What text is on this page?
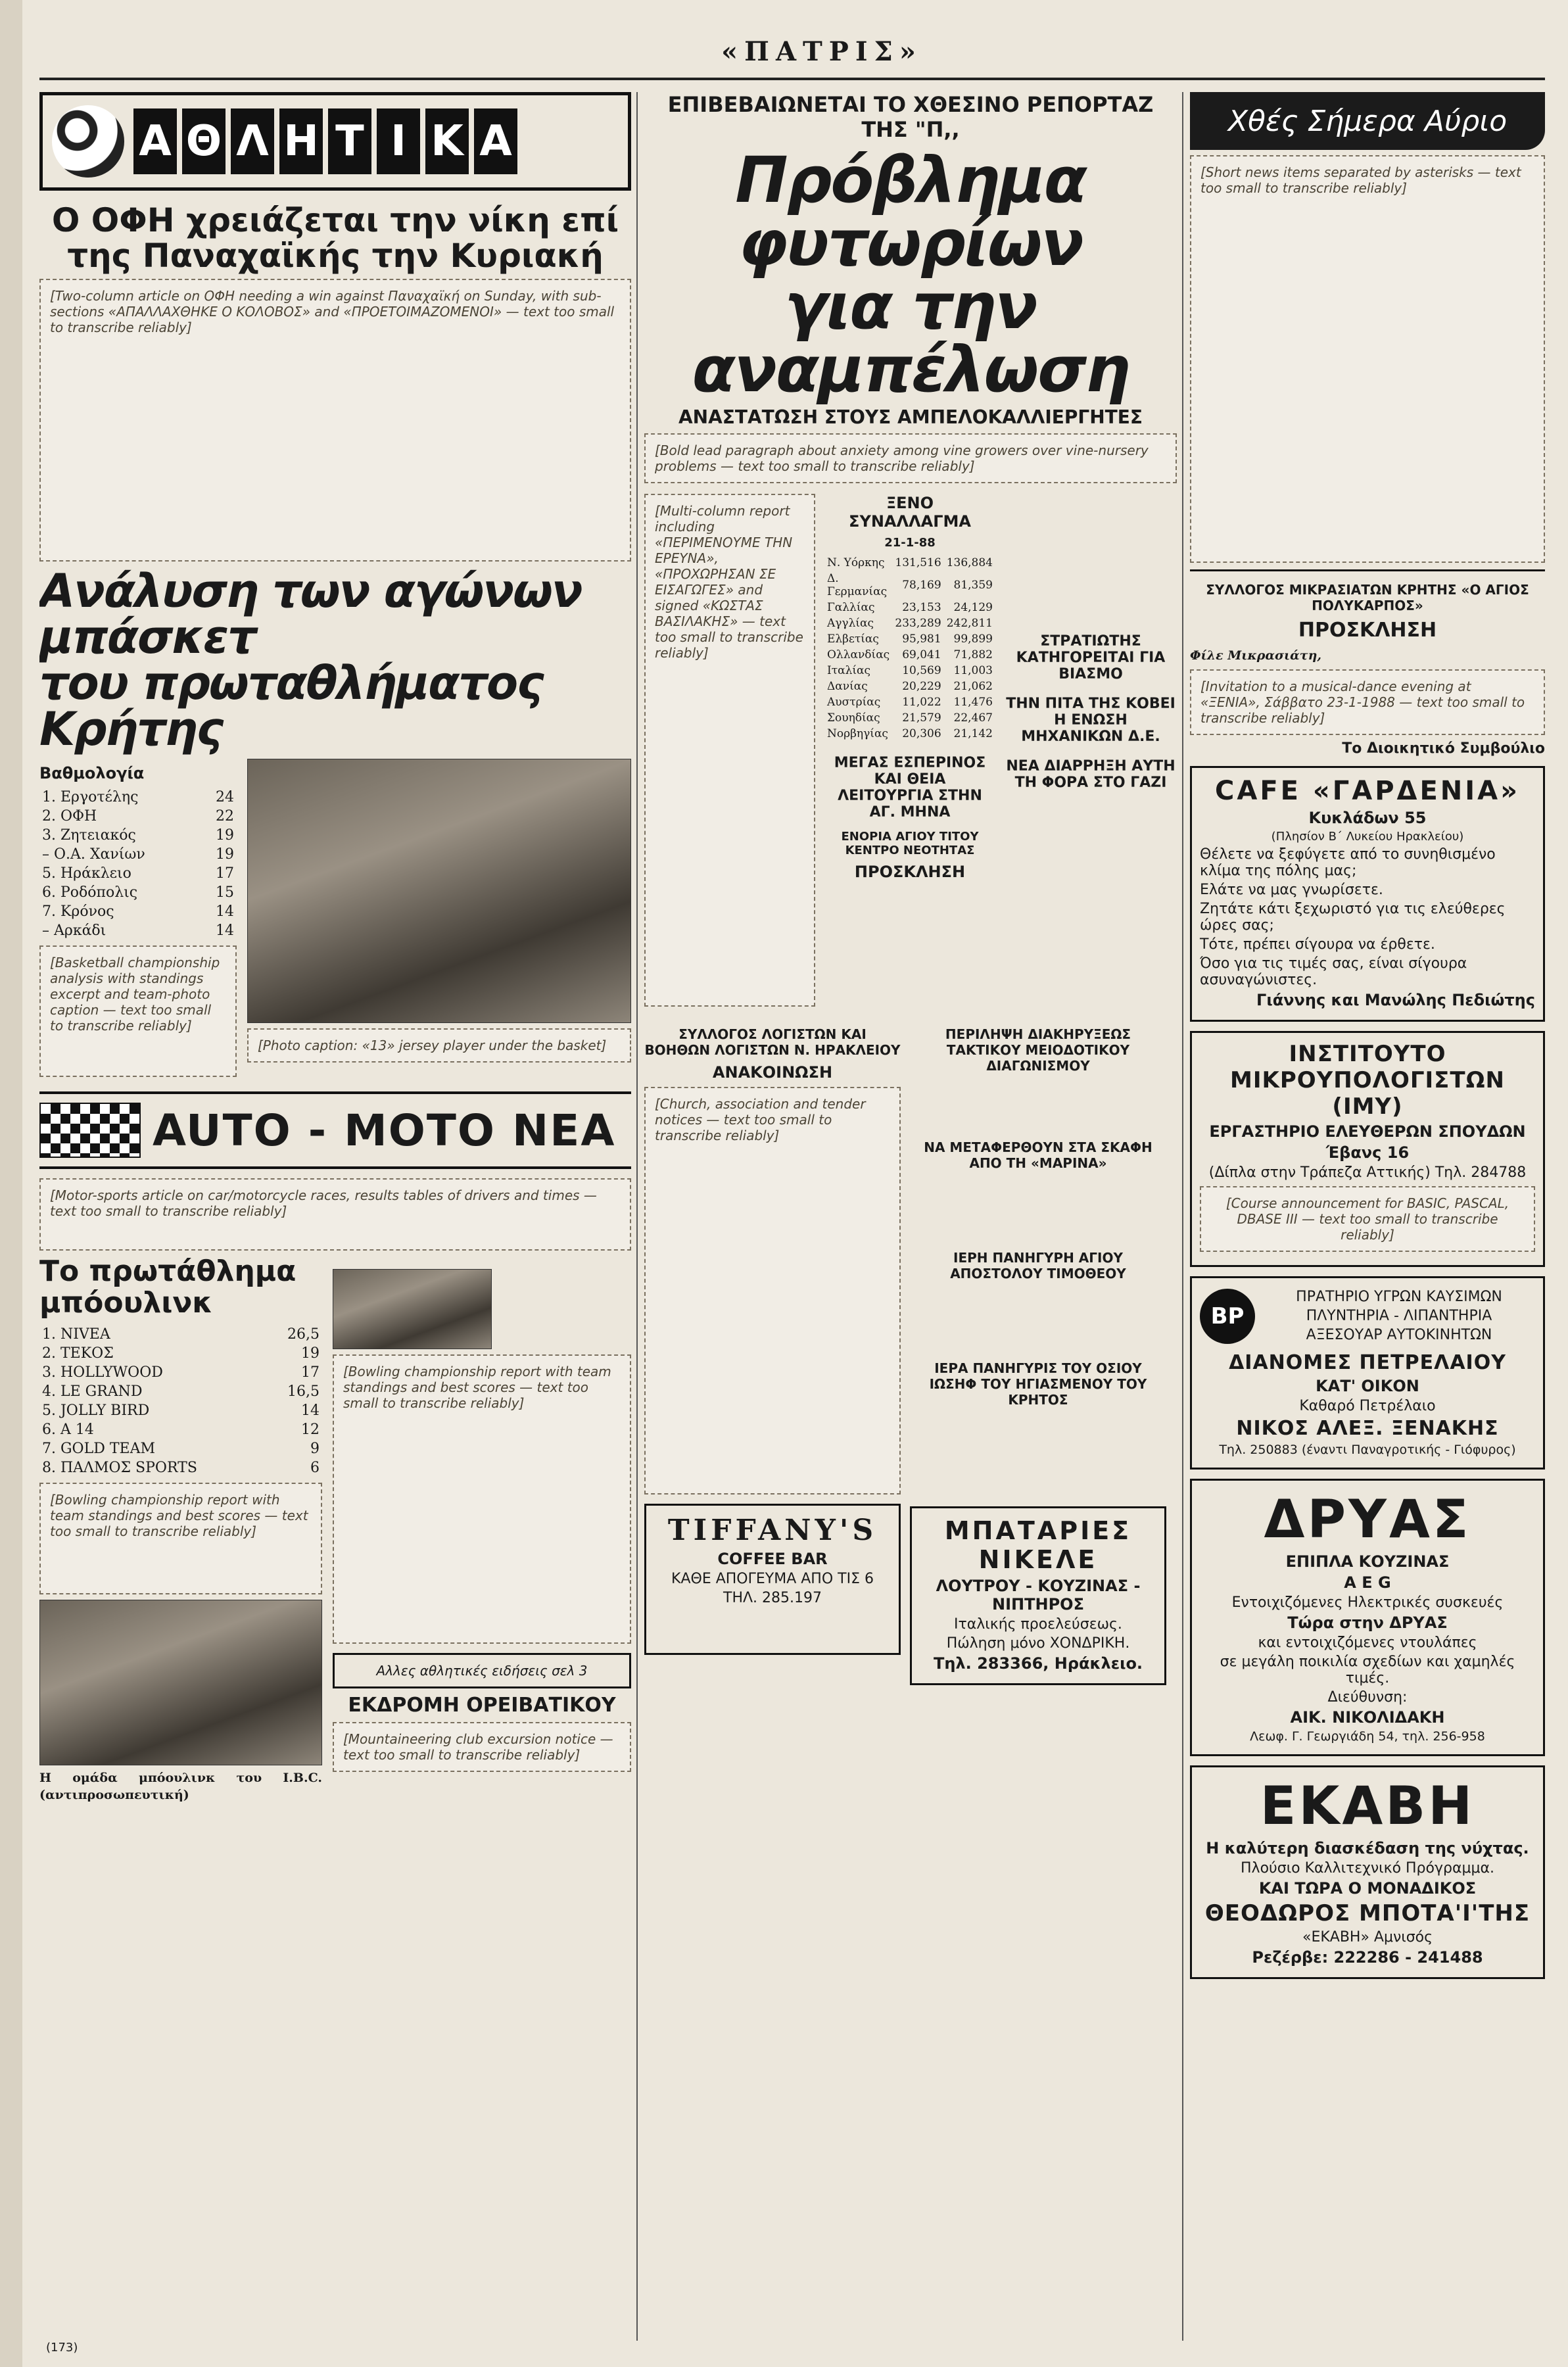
«ΠΑΤΡΙΣ»
Α Θ Λ Η Τ Ι Κ Α
Ο ΟΦΗ χρειάζεται την νίκη επί
της Παναχαϊκής την Κυριακή
[Two-column article on ΟΦΗ needing a win against Παναχαϊκή on Sunday, with sub-sections «ΑΠΑΛΛΑΧΘΗΚΕ Ο ΚΟΛΟΒΟΣ» and «ΠΡΟΕΤΟΙΜΑΖΟΜΕΝΟΙ» — text too small to transcribe reliably]
Ανάλυση των αγώνων μπάσκετ
του πρωταθλήματος Κρήτης
Βαθμολογία
1. Εργοτέλης	24
2. ΟΦΗ	22
3. Ζητειακός	19
– Ο.Α. Χανίων	19
5. Ηράκλειο	17
6. Ροδόπολις	15
7. Κρόνος	14
– Αρκάδι	14
[Basketball championship analysis with standings excerpt and team-photo caption — text too small to transcribe reliably]
[Photo caption: «13» jersey player under the basket]
AUTO - MOTO ΝΕΑ
[Motor-sports article on car/motorcycle races, results tables of drivers and times — text too small to transcribe reliably]
Το πρωτάθλημα μπόουλινκ
1. NIVEA	26,5
2. ΤΕΚΟΣ	19
3. HOLLYWOOD	17
4. LE GRAND	16,5
5. JOLLY BIRD	14
6. A 14	12
7. GOLD TEAM	9
8. ΠΑΛΜΟΣ SPORTS	6
[Bowling championship report with team standings and best scores — text too small to transcribe reliably]
Η ομάδα μπόουλινκ του I.B.C. (αντιπροσωπευτική)
[Bowling championship report with team standings and best scores — text too small to transcribe reliably]
Αλλες αθλητικές ειδήσεις σελ 3
ΕΚΔΡΟΜΗ ΟΡΕΙΒΑΤΙΚΟΥ
[Mountaineering club excursion notice — text too small to transcribe reliably]
ΕΠΙΒΕΒΑΙΩΝΕΤΑΙ ΤΟ ΧΘΕΣΙΝΟ ΡΕΠΟΡΤΑΖ ΤΗΣ "Π,,
Πρόβλημα φυτωρίων
για την αναμπέλωση
ΑΝΑΣΤΑΤΩΣΗ ΣΤΟΥΣ ΑΜΠΕΛΟΚΑΛΛΙΕΡΓΗΤΕΣ
[Bold lead paragraph about anxiety among vine growers over vine-nursery problems — text too small to transcribe reliably]
[Multi-column report including «ΠΕΡΙΜΕΝΟΥΜΕ ΤΗΝ ΕΡΕΥΝΑ», «ΠΡΟΧΩΡΗΣΑΝ ΣΕ ΕΙΣΑΓΩΓΕΣ» and signed «ΚΩΣΤΑΣ ΒΑΣΙΛΑΚΗΣ» — text too small to transcribe reliably]
ΞΕΝΟ ΣΥΝΑΛΛΑΓΜΑ
21-1-88
Ν. Υόρκης	131,516	136,884
Δ. Γερμανίας	78,169	81,359
Γαλλίας	23,153	24,129
Αγγλίας	233,289	242,811
Ελβετίας	95,981	99,899
Ολλανδίας	69,041	71,882
Ιταλίας	10,569	11,003
Δανίας	20,229	21,062
Αυστρίας	11,022	11,476
Σουηδίας	21,579	22,467
Νορβηγίας	20,306	21,142
ΜΕΓΑΣ ΕΣΠΕΡΙΝΟΣ ΚΑΙ ΘΕΙΑ ΛΕΙΤΟΥΡΓΙΑ ΣΤΗΝ ΑΓ. ΜΗΝΑ
ΕΝΟΡΙΑ ΑΓΙΟΥ ΤΙΤΟΥ ΚΕΝΤΡΟ ΝΕΟΤΗΤΑΣ
ΠΡΟΣΚΛΗΣΗ
ΣΤΡΑΤΙΩΤΗΣ ΚΑΤΗΓΟΡΕΙΤΑΙ ΓΙΑ ΒΙΑΣΜΟ
ΤΗΝ ΠΙΤΑ ΤΗΣ ΚΟΒΕΙ Η ΕΝΩΣΗ ΜΗΧΑΝΙΚΩΝ Δ.Ε.
ΝΕΑ ΔΙΑΡΡΗΞΗ ΑΥΤΗ ΤΗ ΦΟΡΑ ΣΤΟ ΓΑΖΙ
ΣΥΛΛΟΓΟΣ ΛΟΓΙΣΤΩΝ ΚΑΙ ΒΟΗΘΩΝ ΛΟΓΙΣΤΩΝ Ν. ΗΡΑΚΛΕΙΟΥ
ΑΝΑΚΟΙΝΩΣΗ
[Church, association and tender notices — text too small to transcribe reliably]
TIFFANY'S
COFFEE BAR
ΚΑΘΕ ΑΠΟΓΕΥΜΑ ΑΠΟ ΤΙΣ 6
ΤΗΛ. 285.197
ΠΕΡΙΛΗΨΗ ΔΙΑΚΗΡΥΞΕΩΣ ΤΑΚΤΙΚΟΥ ΜΕΙΟΔΟΤΙΚΟΥ ΔΙΑΓΩΝΙΣΜΟΥ
ΝΑ ΜΕΤΑΦΕΡΘΟΥΝ ΣΤΑ ΣΚΑΦΗ ΑΠΟ ΤΗ «ΜΑΡΙΝΑ»
ΙΕΡΗ ΠΑΝΗΓΥΡΗ ΑΓΙΟΥ ΑΠΟΣΤΟΛΟΥ ΤΙΜΟΘΕΟΥ
ΙΕΡΑ ΠΑΝΗΓΥΡΙΣ ΤΟΥ ΟΣΙΟΥ ΙΩΣΗΦ ΤΟΥ ΗΓΙΑΣΜΕΝΟΥ ΤΟΥ ΚΡΗΤΟΣ
ΜΠΑΤΑΡΙΕΣ ΝΙΚΕΛΕ
ΛΟΥΤΡΟΥ - ΚΟΥΖΙΝΑΣ - ΝΙΠΤΗΡΟΣ
Ιταλικής προελεύσεως.
Πώληση μόνο ΧΟΝΔΡΙΚΗ.
Τηλ. 283366, Ηράκλειο.
Χθές Σήμερα Αύριο
[Short news items separated by asterisks — text too small to transcribe reliably]
ΣΥΛΛΟΓΟΣ ΜΙΚΡΑΣΙΑΤΩΝ ΚΡΗΤΗΣ «Ο ΑΓΙΟΣ ΠΟΛΥΚΑΡΠΟΣ»
ΠΡΟΣΚΛΗΣΗ
Φίλε Μικρασιάτη,
[Invitation to a musical-dance evening at «ΞΕΝΙΑ», Σάββατο 23-1-1988 — text too small to transcribe reliably]
Το Διοικητικό Συμβούλιο
CAFE «ΓΑΡΔΕΝΙΑ»
Κυκλάδων 55
(Πλησίον Β΄ Λυκείου Ηρακλείου)
Θέλετε να ξεφύγετε από το συνηθισμένο κλίμα της πόλης μας;
Ελάτε να μας γνωρίσετε.
Ζητάτε κάτι ξεχωριστό για τις ελεύθερες ώρες σας;
Τότε, πρέπει σίγουρα να έρθετε.
Όσο για τις τιμές σας, είναι σίγουρα ασυναγώνιστες.
Γιάννης και Μανώλης Πεδιώτης
ΙΝΣΤΙΤΟΥΤΟ ΜΙΚΡΟΥΠΟΛΟΓΙΣΤΩΝ (ΙΜΥ)
ΕΡΓΑΣΤΗΡΙΟ ΕΛΕΥΘΕΡΩΝ ΣΠΟΥΔΩΝ
Έβανς 16
(Δίπλα στην Τράπεζα Αττικής) Τηλ. 284788
[Course announcement for BASIC, PASCAL, DBASE III — text too small to transcribe reliably]
BP
ΠΡΑΤΗΡΙΟ ΥΓΡΩΝ ΚΑΥΣΙΜΩΝ
ΠΛΥΝΤΗΡΙΑ - ΛΙΠΑΝΤΗΡΙΑ
ΑΞΕΣΟΥΑΡ ΑΥΤΟΚΙΝΗΤΩΝ
ΔΙΑΝΟΜΕΣ ΠΕΤΡΕΛΑΙΟΥ
ΚΑΤ' ΟΙΚΟΝ
Καθαρό Πετρέλαιο
ΝΙΚΟΣ ΑΛΕΞ. ΞΕΝΑΚΗΣ
Τηλ. 250883 (έναντι Παναγροτικής - Γιόφυρος)
ΔΡΥΑΣ
ΕΠΙΠΛΑ ΚΟΥΖΙΝΑΣ
A E G
Εντοιχιζόμενες Ηλεκτρικές συσκευές
Τώρα στην ΔΡΥΑΣ
και εντοιχιζόμενες ντουλάπες
σε μεγάλη ποικιλία σχεδίων και χαμηλές τιμές.
Διεύθυνση:
ΑΙΚ. ΝΙΚΟΛΙΔΑΚΗ
Λεωφ. Γ. Γεωργιάδη 54, τηλ. 256-958
ΕΚΑΒΗ
Η καλύτερη διασκέδαση της νύχτας.
Πλούσιο Καλλιτεχνικό Πρόγραμμα.
ΚΑΙ ΤΩΡΑ Ο ΜΟΝΑΔΙΚΟΣ
ΘΕΟΔΩΡΟΣ ΜΠΟΤΑ'Ι'ΤΗΣ
«ΕΚΑΒΗ» Αμνισός
Ρεζέρβε: 222286 - 241488
(173)
